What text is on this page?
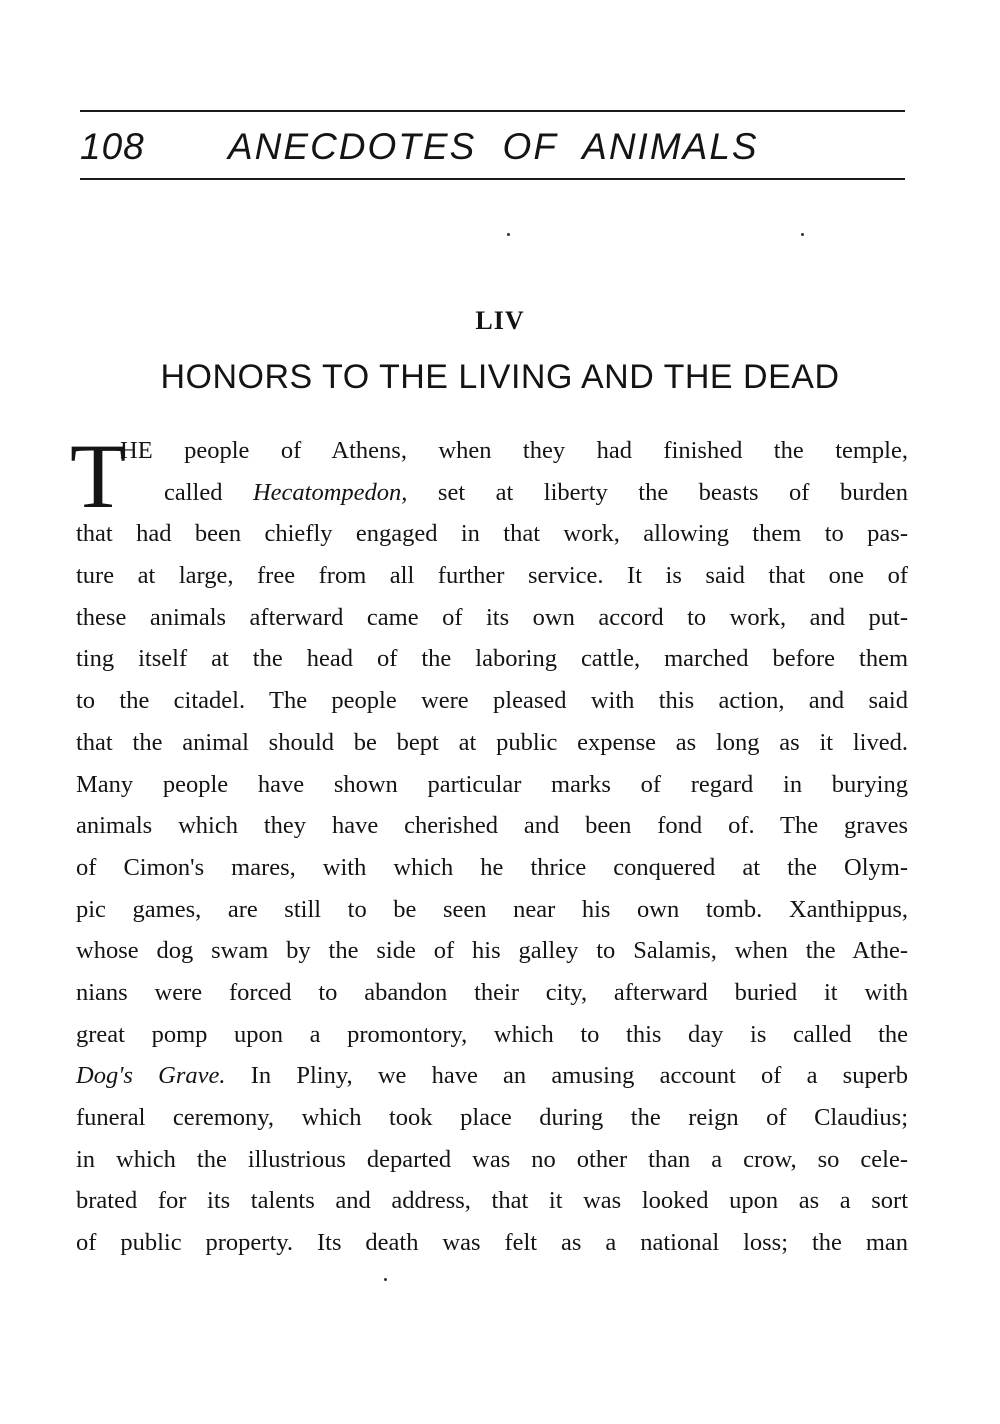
108 ANECDOTES OF ANIMALS
LIV
HONORS TO THE LIVING AND THE DEAD
T
HE people of Athens, when they had finished the temple,
called Hecatompedon, set at liberty the beasts of burden
that had been chiefly engaged in that work, allowing them to pas-
ture at large, free from all further service. It is said that one of
these animals afterward came of its own accord to work, and put-
ting itself at the head of the laboring cattle, marched before them
to the citadel. The people were pleased with this action, and said
that the animal should be bept at public expense as long as it lived.
Many people have shown particular marks of regard in burying
animals which they have cherished and been fond of. The graves
of Cimon's mares, with which he thrice conquered at the Olym-
pic games, are still to be seen near his own tomb. Xanthippus,
whose dog swam by the side of his galley to Salamis, when the Athe-
nians were forced to abandon their city, afterward buried it with
great pomp upon a promontory, which to this day is called the
Dog's Grave. In Pliny, we have an amusing account of a superb
funeral ceremony, which took place during the reign of Claudius;
in which the illustrious departed was no other than a crow, so cele-
brated for its talents and address, that it was looked upon as a sort
of public property. Its death was felt as a national loss; the man
